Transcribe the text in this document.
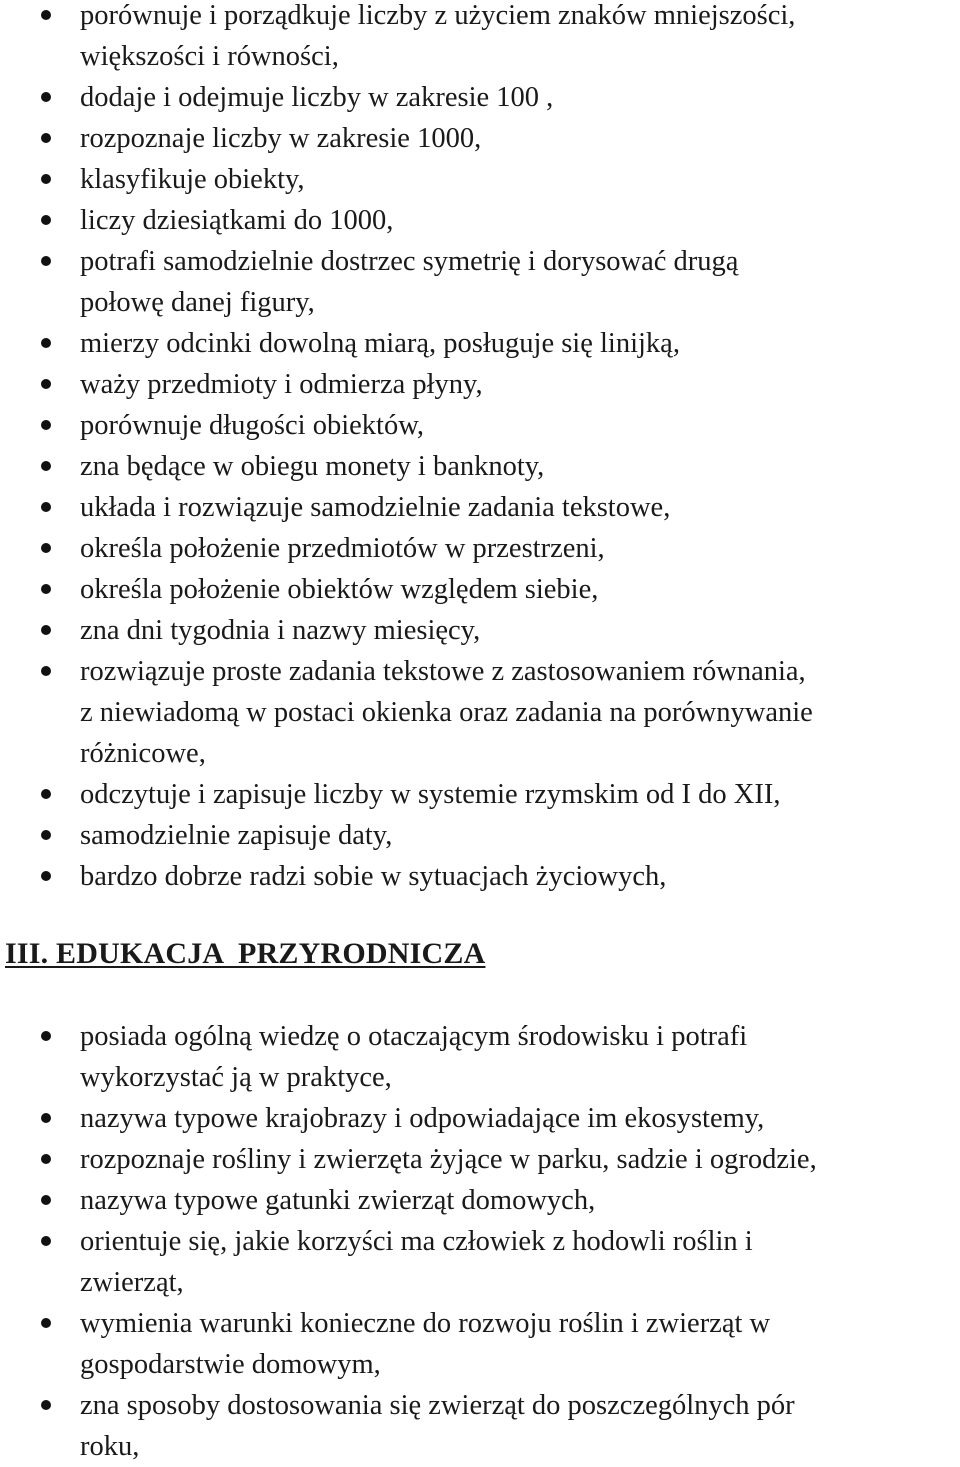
porównuje i porządkuje liczby z użyciem znaków mniejszości,
większości i równości,
dodaje i odejmuje liczby w zakresie 100 ,
rozpoznaje liczby w zakresie 1000,
klasyfikuje obiekty,
liczy dziesiątkami do 1000,
potrafi samodzielnie dostrzec symetrię i dorysować drugą
połowę danej figury,
mierzy odcinki dowolną miarą, posługuje się linijką,
waży przedmioty i odmierza płyny,
porównuje długości obiektów,
zna będące w obiegu monety i banknoty,
układa i rozwiązuje samodzielnie zadania tekstowe,
określa położenie przedmiotów w przestrzeni,
określa położenie obiektów względem siebie,
zna dni tygodnia i nazwy miesięcy,
rozwiązuje proste zadania tekstowe z zastosowaniem równania,
z niewiadomą w postaci okienka oraz zadania na porównywanie
różnicowe,
odczytuje i zapisuje liczby w systemie rzymskim od I do XII,
samodzielnie zapisuje daty,
bardzo dobrze radzi sobie w sytuacjach życiowych,
III. EDUKACJA  PRZYRODNICZA
posiada ogólną wiedzę o otaczającym środowisku i potrafi
wykorzystać ją w praktyce,
nazywa typowe krajobrazy i odpowiadające im ekosystemy,
rozpoznaje rośliny i zwierzęta żyjące w parku, sadzie i ogrodzie,
nazywa typowe gatunki zwierząt domowych,
orientuje się, jakie korzyści ma człowiek z hodowli roślin i
zwierząt,
wymienia warunki konieczne do rozwoju roślin i zwierząt w
gospodarstwie domowym,
zna sposoby dostosowania się zwierząt do poszczególnych pór
roku,
